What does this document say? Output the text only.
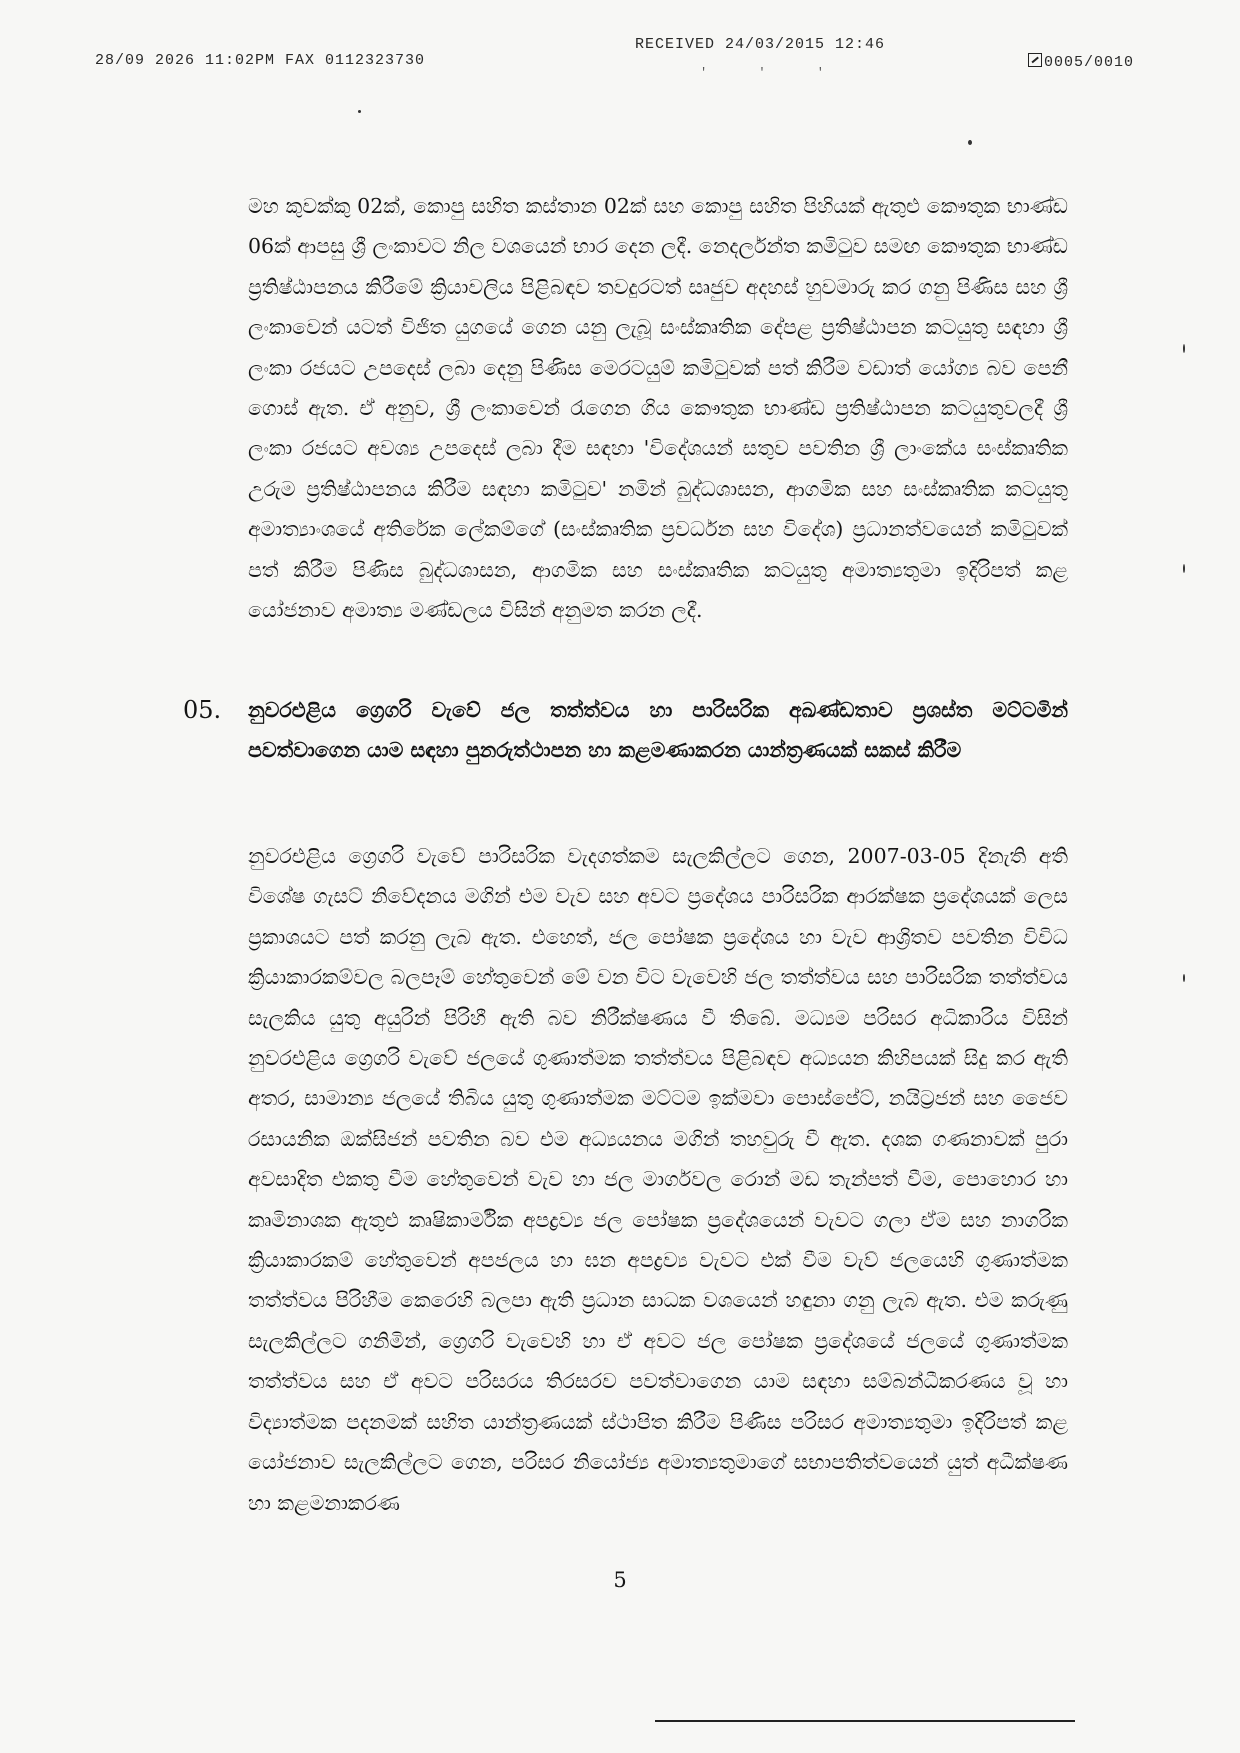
28/09 2026 11:02PM FAX 0112323730
RECEIVED 24/03/2015 12:46
' ' '
0005/0010
මහ කුවක්කු 02ක්, කොපු සහිත කස්තාන 02ක් සහ කොපු සහිත පිහියක් ඇතුළු කෞතුක භාණ්ඩ 06ක් ආපසු ශ්‍රී ලංකාවට නිල වශයෙන් භාර දෙන ලදී. නෙදර්ලන්ත කමිටුව සමඟ කෞතුක භාණ්ඩ ප්‍රතිෂ්ඨාපනය කිරීමේ ක්‍රියාවලිය පිළිබඳව තවදුරටත් සෘජුව අදහස් හුවමාරු කර ගනු පිණිස සහ ශ්‍රී ලංකාවෙන් යටත් විජිත යුගයේ ගෙන යනු ලැබූ සංස්කෘතික දේපළ ප්‍රතිෂ්ඨාපන කටයුතු සඳහා ශ්‍රී ලංකා රජයට උපදෙස් ලබා දෙනු පිණිස මෙරටයුම් කමිටුවක් පත් කිරීම වඩාත් යෝග්‍ය බව පෙනී ගොස් ඇත. ඒ අනුව, ශ්‍රී ලංකාවෙන් රැගෙන ගිය කෞතුක භාණ්ඩ ප්‍රතිෂ්ඨාපන කටයුතුවලදී ශ්‍රී ලංකා රජයට අවශ්‍ය උපදෙස් ලබා දීම සඳහා 'විදේශයන් සතුව පවතින ශ්‍රී ලාංකේය සංස්කෘතික උරුම ප්‍රතිෂ්ඨාපනය කිරීම සඳහා කමිටුව' නමින් බුද්ධශාසන, ආගමික සහ සංස්කෘතික කටයුතු අමාත්‍යාංශයේ අතිරේක ලේකම්ගේ (සංස්කෘතික ප්‍රවර්ධන සහ විදේශ) ප්‍රධානත්වයෙන් කමිටුවක් පත් කිරීම පිණිස බුද්ධශාසන, ආගමික සහ සංස්කෘතික කටයුතු අමාත්‍යතුමා ඉදිරිපත් කළ යෝජනාව අමාත්‍ය මණ්ඩලය විසින් අනුමත කරන ලදී.
05. නුවරඑළිය ග්‍රෙගරි වැවේ ජල තත්ත්වය හා පාරිසරික අඛණ්ඩතාව ප්‍රශස්ත මට්ටමින් පවත්වාගෙන යාම සඳහා පුනරුත්ථාපන හා කළමණාකරන යාන්ත්‍රණයක් සකස් කිරීම
නුවරඑළිය ග්‍රෙගරි වැවේ පාරිසරික වැදගත්කම සැලකිල්ලට ගෙන, 2007-03-05 දිනැති අති විශේෂ ගැසට් නිවේදනය මගින් එම වැව සහ අවට ප්‍රදේශය පාරිසරික ආරක්ෂක ප්‍රදේශයක් ලෙස ප්‍රකාශයට පත් කරනු ලැබ ඇත. එහෙත්, ජල පෝෂක ප්‍රදේශය හා වැව ආශ්‍රිතව පවතින විවිධ ක්‍රියාකාරකම්වල බලපෑම් හේතුවෙන් මේ වන විට වැවෙහි ජල තත්ත්වය සහ පාරිසරික තත්ත්වය සැලකිය යුතු අයුරින් පිරිහී ඇති බව නිරීක්ෂණය වී තිබේ. මධ්‍යම පරිසර අධිකාරිය විසින් නුවරඑළිය ග්‍රෙගරි වැවේ ජලයේ ගුණාත්මක තත්ත්වය පිළිබඳව අධ්‍යයන කිහිපයක් සිදු කර ඇති අතර, සාමාන්‍ය ජලයේ තිබිය යුතු ගුණාත්මක මට්ටම ඉක්මවා පොස්පේට්, නයිට්‍රජන් සහ ජෛව රසායනික ඔක්සිජන් පවතින බව එම අධ්‍යයනය මගින් තහවුරු වී ඇත. දශක ගණනාවක් පුරා අවසාදිත එකතු වීම හේතුවෙන් වැව හා ජල මාර්ගවල රොන් මඩ තැන්පත් වීම, පොහොර හා කෘමිනාශක ඇතුළු කෘෂිකාර්මික අපද්‍රව්‍ය ජල පෝෂක ප්‍රදේශයෙන් වැවට ගලා ඒම සහ නාගරික ක්‍රියාකාරකම් හේතුවෙන් අපජලය හා ඝන අපද්‍රව්‍ය වැවට එක් වීම වැව් ජලයෙහි ගුණාත්මක තත්ත්වය පිරිහීම කෙරෙහි බලපා ඇති ප්‍රධාන සාධක වශයෙන් හඳුනා ගනු ලැබ ඇත. එම කරුණු සැලකිල්ලට ගනිමින්, ග්‍රෙගරි වැවෙහි හා ඒ අවට ජල පෝෂක ප්‍රදේශයේ ජලයේ ගුණාත්මක තත්ත්වය සහ ඒ අවට පරිසරය තිරසරව පවත්වාගෙන යාම සඳහා සම්බන්ධීකරණය වූ හා විද්‍යාත්මක පදනමක් සහිත යාන්ත්‍රණයක් ස්ථාපිත කිරීම පිණිස පරිසර අමාත්‍යතුමා ඉදිරිපත් කළ යෝජනාව සැලකිල්ලට ගෙන, පරිසර නියෝජ්‍ය අමාත්‍යතුමාගේ සභාපතිත්වයෙන් යුත් අධීක්ෂණ හා කළමනාකරණ
5
